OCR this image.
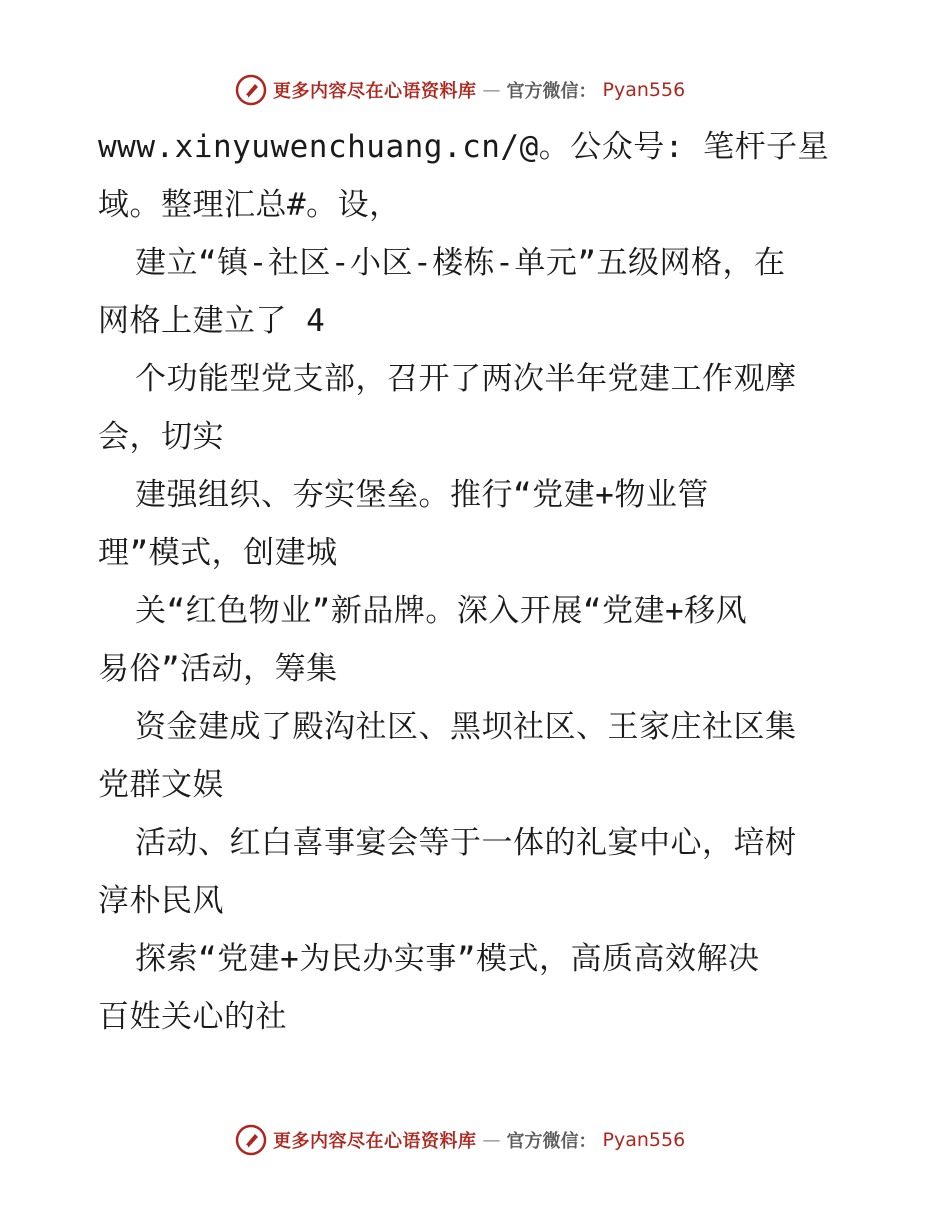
更多内容尽在心语资料库 — 官方微信： Pyan556
www.xinyuwenchuang.cn/@。公众号: 笔杆子星
域。整理汇总#。设，
建立“镇-社区-小区-楼栋-单元”五级网格，在
网格上建立了 4
个功能型党支部，召开了两次半年党建工作观摩
会，切实
建强组织、夯实堡垒。推行“党建+物业管
理”模式，创建城
关“红色物业”新品牌。深入开展“党建+移风
易俗”活动，筹集
资金建成了殿沟社区、黑坝社区、王家庄社区集
党群文娱
活动、红白喜事宴会等于一体的礼宴中心，培树
淳朴民风
探索“党建+为民办实事”模式，高质高效解决
百姓关心的社
更多内容尽在心语资料库 — 官方微信： Pyan556
